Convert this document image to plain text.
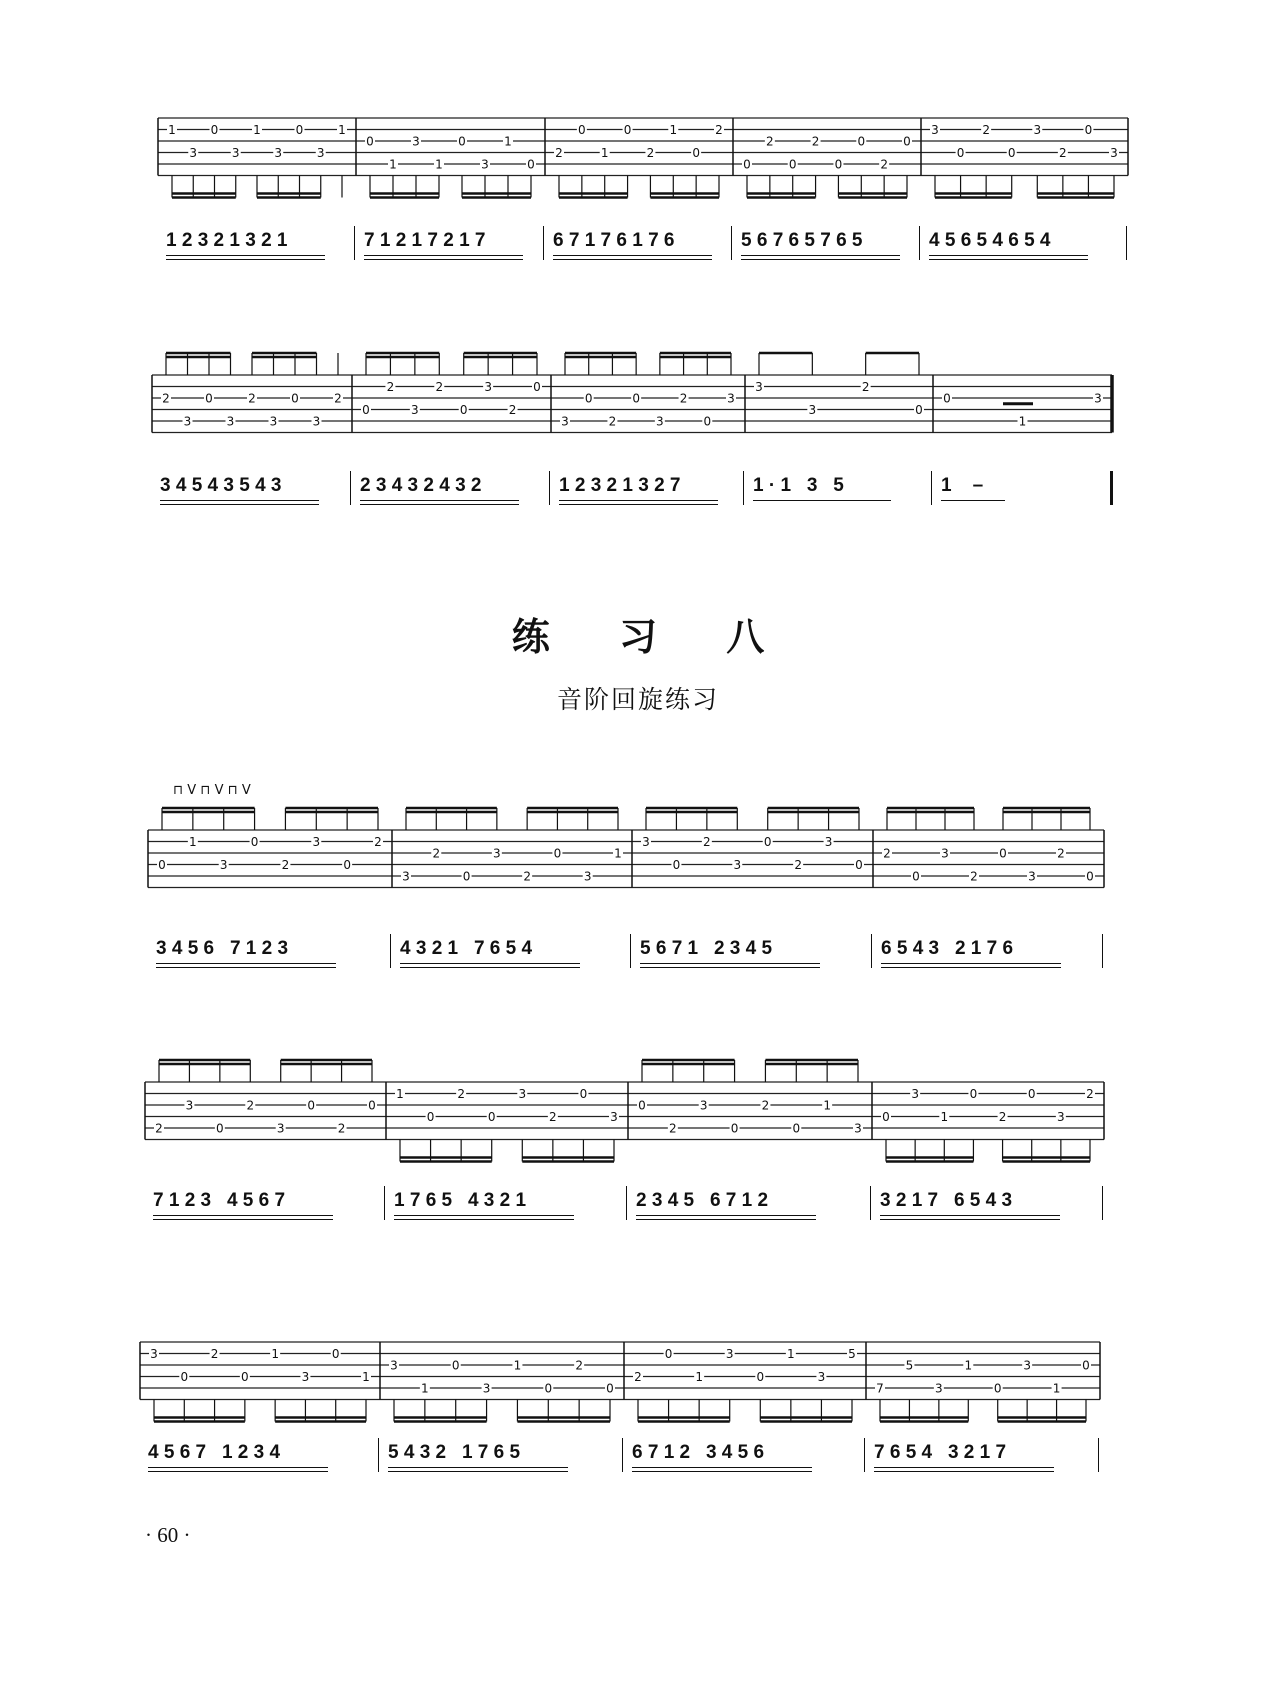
1
3
0
3
1
3
0
3
1
0
1
3
1
0
3
1
0
2
0
1
0
2
1
0
2
0
2
0
2
0
0
2
0
3
0
2
0
3
2
0
3
2
3
0
3
2
3
0
3
2
0
2
3
2
0
3
2
0
3
0
2
0
3
2
0
3
3
3
2
0
0
1
3
0
1
3
0
2
3
0
2
3
2
0
3
2
0
3
1
3
0
2
3
0
2
3
0
2
0
3
2
0
3
2
0
⊓ V ⊓ V ⊓ V
2
3
0
2
3
0
2
0
1
0
2
0
3
2
0
3
0
2
3
0
2
0
1
3
0
3
1
0
2
0
3
2
3
0
2
0
1
3
0
1
3
1
0
3
1
0
2
0
2
0
1
3
0
1
3
5
7
5
3
1
0
3
1
0
1 2 3 2 1 3 2 1	7 1 2 1 7 2 1 7	6 7 1 7 6 1 7 6	5 6 7 6 5 7 6 5	4 5 6 5 4 6 5 4
3 4 5 4 3 5 4 3	2 3 4 3 2 4 3 2	1 2 3 2 1 3 2 7	1 · 1   3   5	1    –
3 4 5 6   7 1 2 3	4 3 2 1   7 6 5 4	5 6 7 1   2 3 4 5	6 5 4 3   2 1 7 6
7 1 2 3   4 5 6 7	1 7 6 5   4 3 2 1	2 3 4 5   6 7 1 2	3 2 1 7   6 5 4 3
4 5 6 7   1 2 3 4	5 4 3 2   1 7 6 5	6 7 1 2   3 4 5 6	7 6 5 4   3 2 1 7
练 习 八
音阶回旋练习
· 60 ·
